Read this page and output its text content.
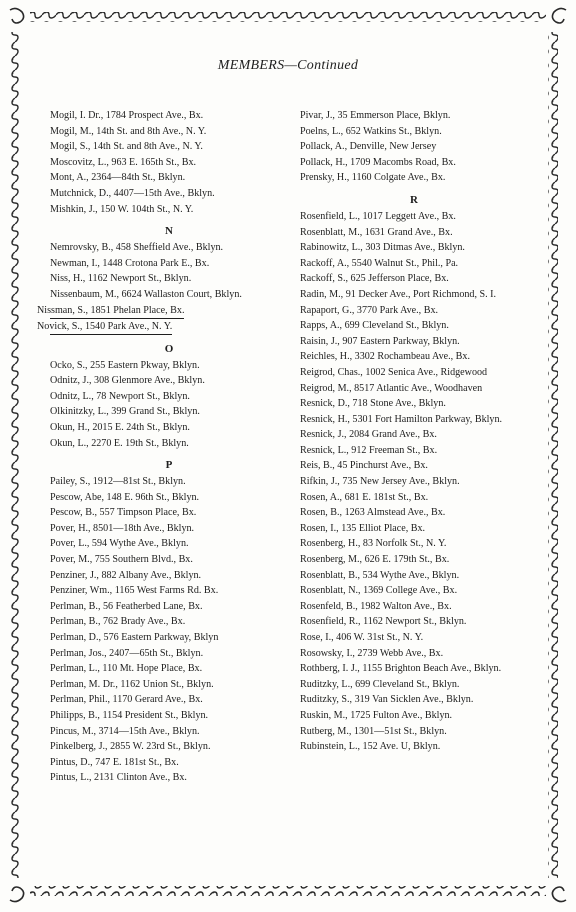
MEMBERS—Continued
Mogil, I. Dr., 1784 Prospect Ave., Bx.
Mogil, M., 14th St. and 8th Ave., N. Y.
Mogil, S., 14th St. and 8th Ave., N. Y.
Moscovitz, L., 963 E. 165th St., Bx.
Mont, A., 2364—84th St., Bklyn.
Mutchnick, D., 4407—15th Ave., Bklyn.
Mishkin, J., 150 W. 104th St., N. Y.
N
Nemrovsky, B., 458 Sheffield Ave., Bklyn.
Newman, I., 1448 Crotona Park E., Bx.
Niss, H., 1162 Newport St., Bklyn.
Nissenbaum, M., 6624 Wallaston Court, Bklyn.
Nissman, S., 1851 Phelan Place, Bx.
Novick, S., 1540 Park Ave., N. Y.
O
Ocko, S., 255 Eastern Pkway, Bklyn.
Odnitz, J., 308 Glenmore Ave., Bklyn.
Odnitz, L., 78 Newport St., Bklyn.
Olkinitzky, L., 399 Grand St., Bklyn.
Okun, H., 2015 E. 24th St., Bklyn.
Okun, L., 2270 E. 19th St., Bklyn.
P
Pailey, S., 1912—81st St., Bklyn.
Pescow, Abe, 148 E. 96th St., Bklyn.
Pescow, B., 557 Timpson Place, Bx.
Pover, H., 8501—18th Ave., Bklyn.
Pover, L., 594 Wythe Ave., Bklyn.
Pover, M., 755 Southern Blvd., Bx.
Penziner, J., 882 Albany Ave., Bklyn.
Penziner, Wm., 1165 West Farms Rd. Bx.
Perlman, B., 56 Featherbed Lane, Bx.
Perlman, B., 762 Brady Ave., Bx.
Perlman, D., 576 Eastern Parkway, Bklyn
Perlman, Jos., 2407—65th St., Bklyn.
Perlman, L., 110 Mt. Hope Place, Bx.
Perlman, M. Dr., 1162 Union St., Bklyn.
Perlman, Phil., 1170 Gerard Ave., Bx.
Philipps, B., 1154 President St., Bklyn.
Pincus, M., 3714—15th Ave., Bklyn.
Pinkelberg, J., 2855 W. 23rd St., Bklyn.
Pintus, D., 747 E. 181st St., Bx.
Pintus, L., 2131 Clinton Ave., Bx.
Pivar, J., 35 Emmerson Place, Bklyn.
Poelns, L., 652 Watkins St., Bklyn.
Pollack, A., Denville, New Jersey
Pollack, H., 1709 Macombs Road, Bx.
Prensky, H., 1160 Colgate Ave., Bx.
R
Rosenfield, L., 1017 Leggett Ave., Bx.
Rosenblatt, M., 1631 Grand Ave., Bx.
Rabinowitz, L., 303 Ditmas Ave., Bklyn.
Rackoff, A., 5540 Walnut St., Phil., Pa.
Rackoff, S., 625 Jefferson Place, Bx.
Radin, M., 91 Decker Ave., Port Richmond, S. I.
Rapaport, G., 3770 Park Ave., Bx.
Rapps, A., 699 Cleveland St., Bklyn.
Raisin, J., 907 Eastern Parkway, Bklyn.
Reichles, H., 3302 Rochambeau Ave., Bx.
Reigrod, Chas., 1002 Senica Ave., Ridgewood
Reigrod, M., 8517 Atlantic Ave., Woodhaven
Resnick, D., 718 Stone Ave., Bklyn.
Resnick, H., 5301 Fort Hamilton Parkway, Bklyn.
Resnick, J., 2084 Grand Ave., Bx.
Resnick, L., 912 Freeman St., Bx.
Reis, B., 45 Pinchurst Ave., Bx.
Rifkin, J., 735 New Jersey Ave., Bklyn.
Rosen, A., 681 E. 181st St., Bx.
Rosen, B., 1263 Almstead Ave., Bx.
Rosen, I., 135 Elliot Place, Bx.
Rosenberg, H., 83 Norfolk St., N. Y.
Rosenberg, M., 626 E. 179th St., Bx.
Rosenblatt, B., 534 Wythe Ave., Bklyn.
Rosenblatt, N., 1369 College Ave., Bx.
Rosenfeld, B., 1982 Walton Ave., Bx.
Rosenfield, R., 1162 Newport St., Bklyn.
Rose, I., 406 W. 31st St., N. Y.
Rosowsky, I., 2739 Webb Ave., Bx.
Rothberg, I. J., 1155 Brighton Beach Ave., Bklyn.
Ruditzky, L., 699 Cleveland St., Bklyn.
Ruditzky, S., 319 Van Sicklen Ave., Bklyn.
Ruskin, M., 1725 Fulton Ave., Bklyn.
Rutberg, M., 1301—51st St., Bklyn.
Rubinstein, L., 152 Ave. U, Bklyn.
